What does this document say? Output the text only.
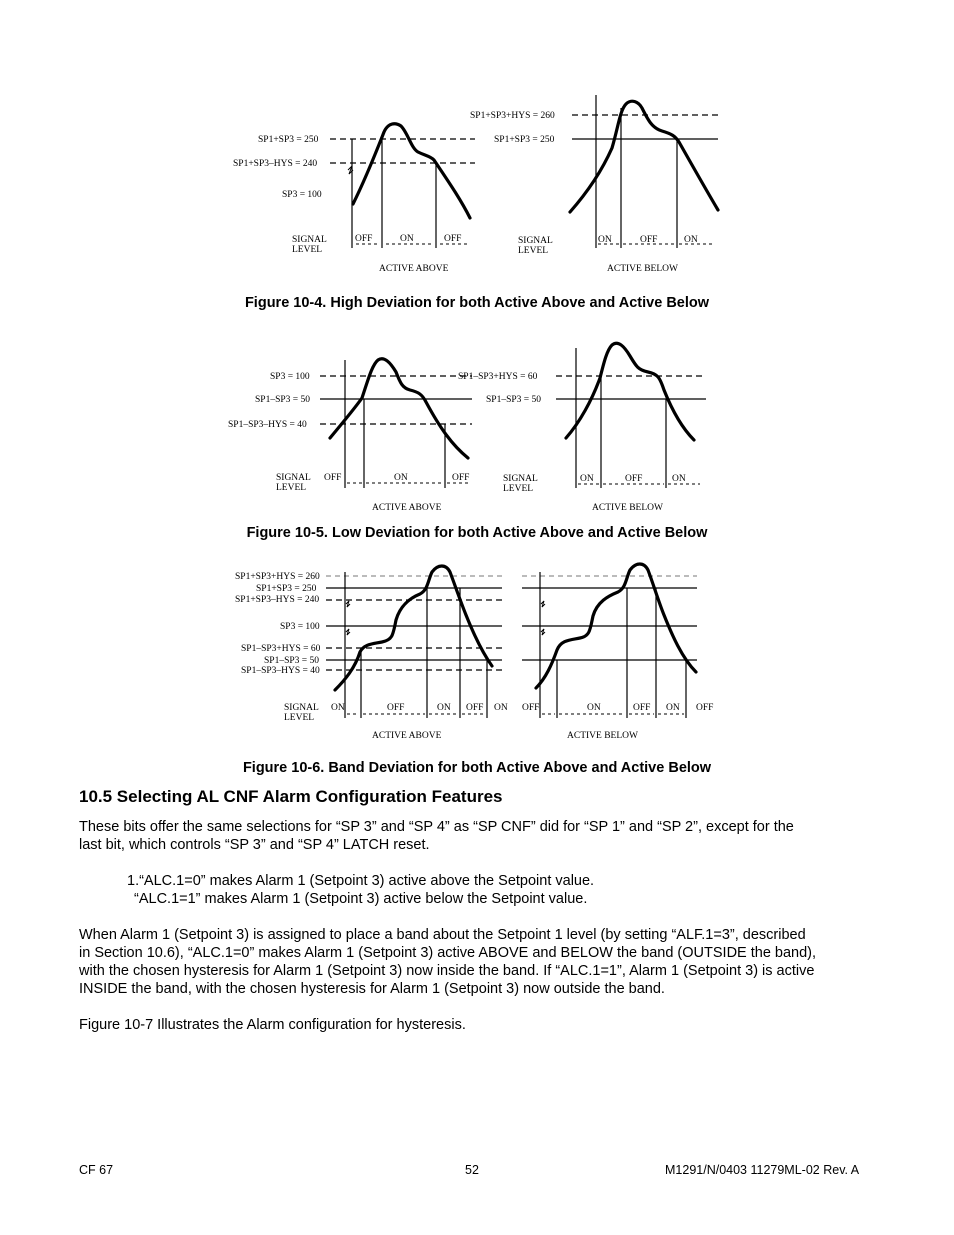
SP1+SP3 = 250
SP1+SP3–HYS = 240
SP3 = 100
SIGNAL
LEVEL
OFF	ON	OFF
ACTIVE ABOVE
SP1+SP3+HYS = 260
SP1+SP3 = 250
SIGNAL
LEVEL
ON	OFF	ON
ACTIVE BELOW
Figure 10-4. High Deviation for both Active Above and Active Below
SP3 = 100
SP1–SP3 = 50
SP1–SP3–HYS = 40
SIGNAL
LEVEL
OFF	ON	OFF
ACTIVE ABOVE
SP1–SP3+HYS = 60
SP1–SP3 = 50
SIGNAL
LEVEL
ON	OFF	ON
ACTIVE BELOW
Figure 10-5. Low Deviation for both Active Above and Active Below
SP1+SP3+HYS = 260
SP1+SP3 = 250
SP1+SP3–HYS = 240
SP3 = 100
SP1–SP3+HYS = 60
SP1–SP3 = 50
SP1–SP3–HYS = 40
SIGNAL
LEVEL
ON	OFF	ON OFF ON
ACTIVE ABOVE
OFF	ON	OFF ON OFF
ACTIVE BELOW
Figure 10-6. Band Deviation for both Active Above and Active Below
10.5 Selecting AL CNF Alarm Configuration Features
These bits offer the same selections for “SP 3” and “SP 4” as “SP CNF” did for “SP 1” and “SP 2”, except for the
last bit, which controls “SP 3” and “SP 4” LATCH reset.
1.“ALC.1=0” makes Alarm 1 (Setpoint 3) active above the Setpoint value.
“ALC.1=1” makes Alarm 1 (Setpoint 3) active below the Setpoint value.
When Alarm 1 (Setpoint 3) is assigned to place a band about the Setpoint 1 level (by setting “ALF.1=3”, described
in Section 10.6), “ALC.1=0” makes Alarm 1 (Setpoint 3) active ABOVE and BELOW the band (OUTSIDE the band),
with the chosen hysteresis for Alarm 1 (Setpoint 3) now inside the band. If “ALC.1=1”, Alarm 1 (Setpoint 3) is active
INSIDE the band, with the chosen hysteresis for Alarm 1 (Setpoint 3) now outside the band.
Figure 10-7 Illustrates the Alarm configuration for hysteresis.
CF 67	52	M1291/N/0403 11279ML-02 Rev. A
